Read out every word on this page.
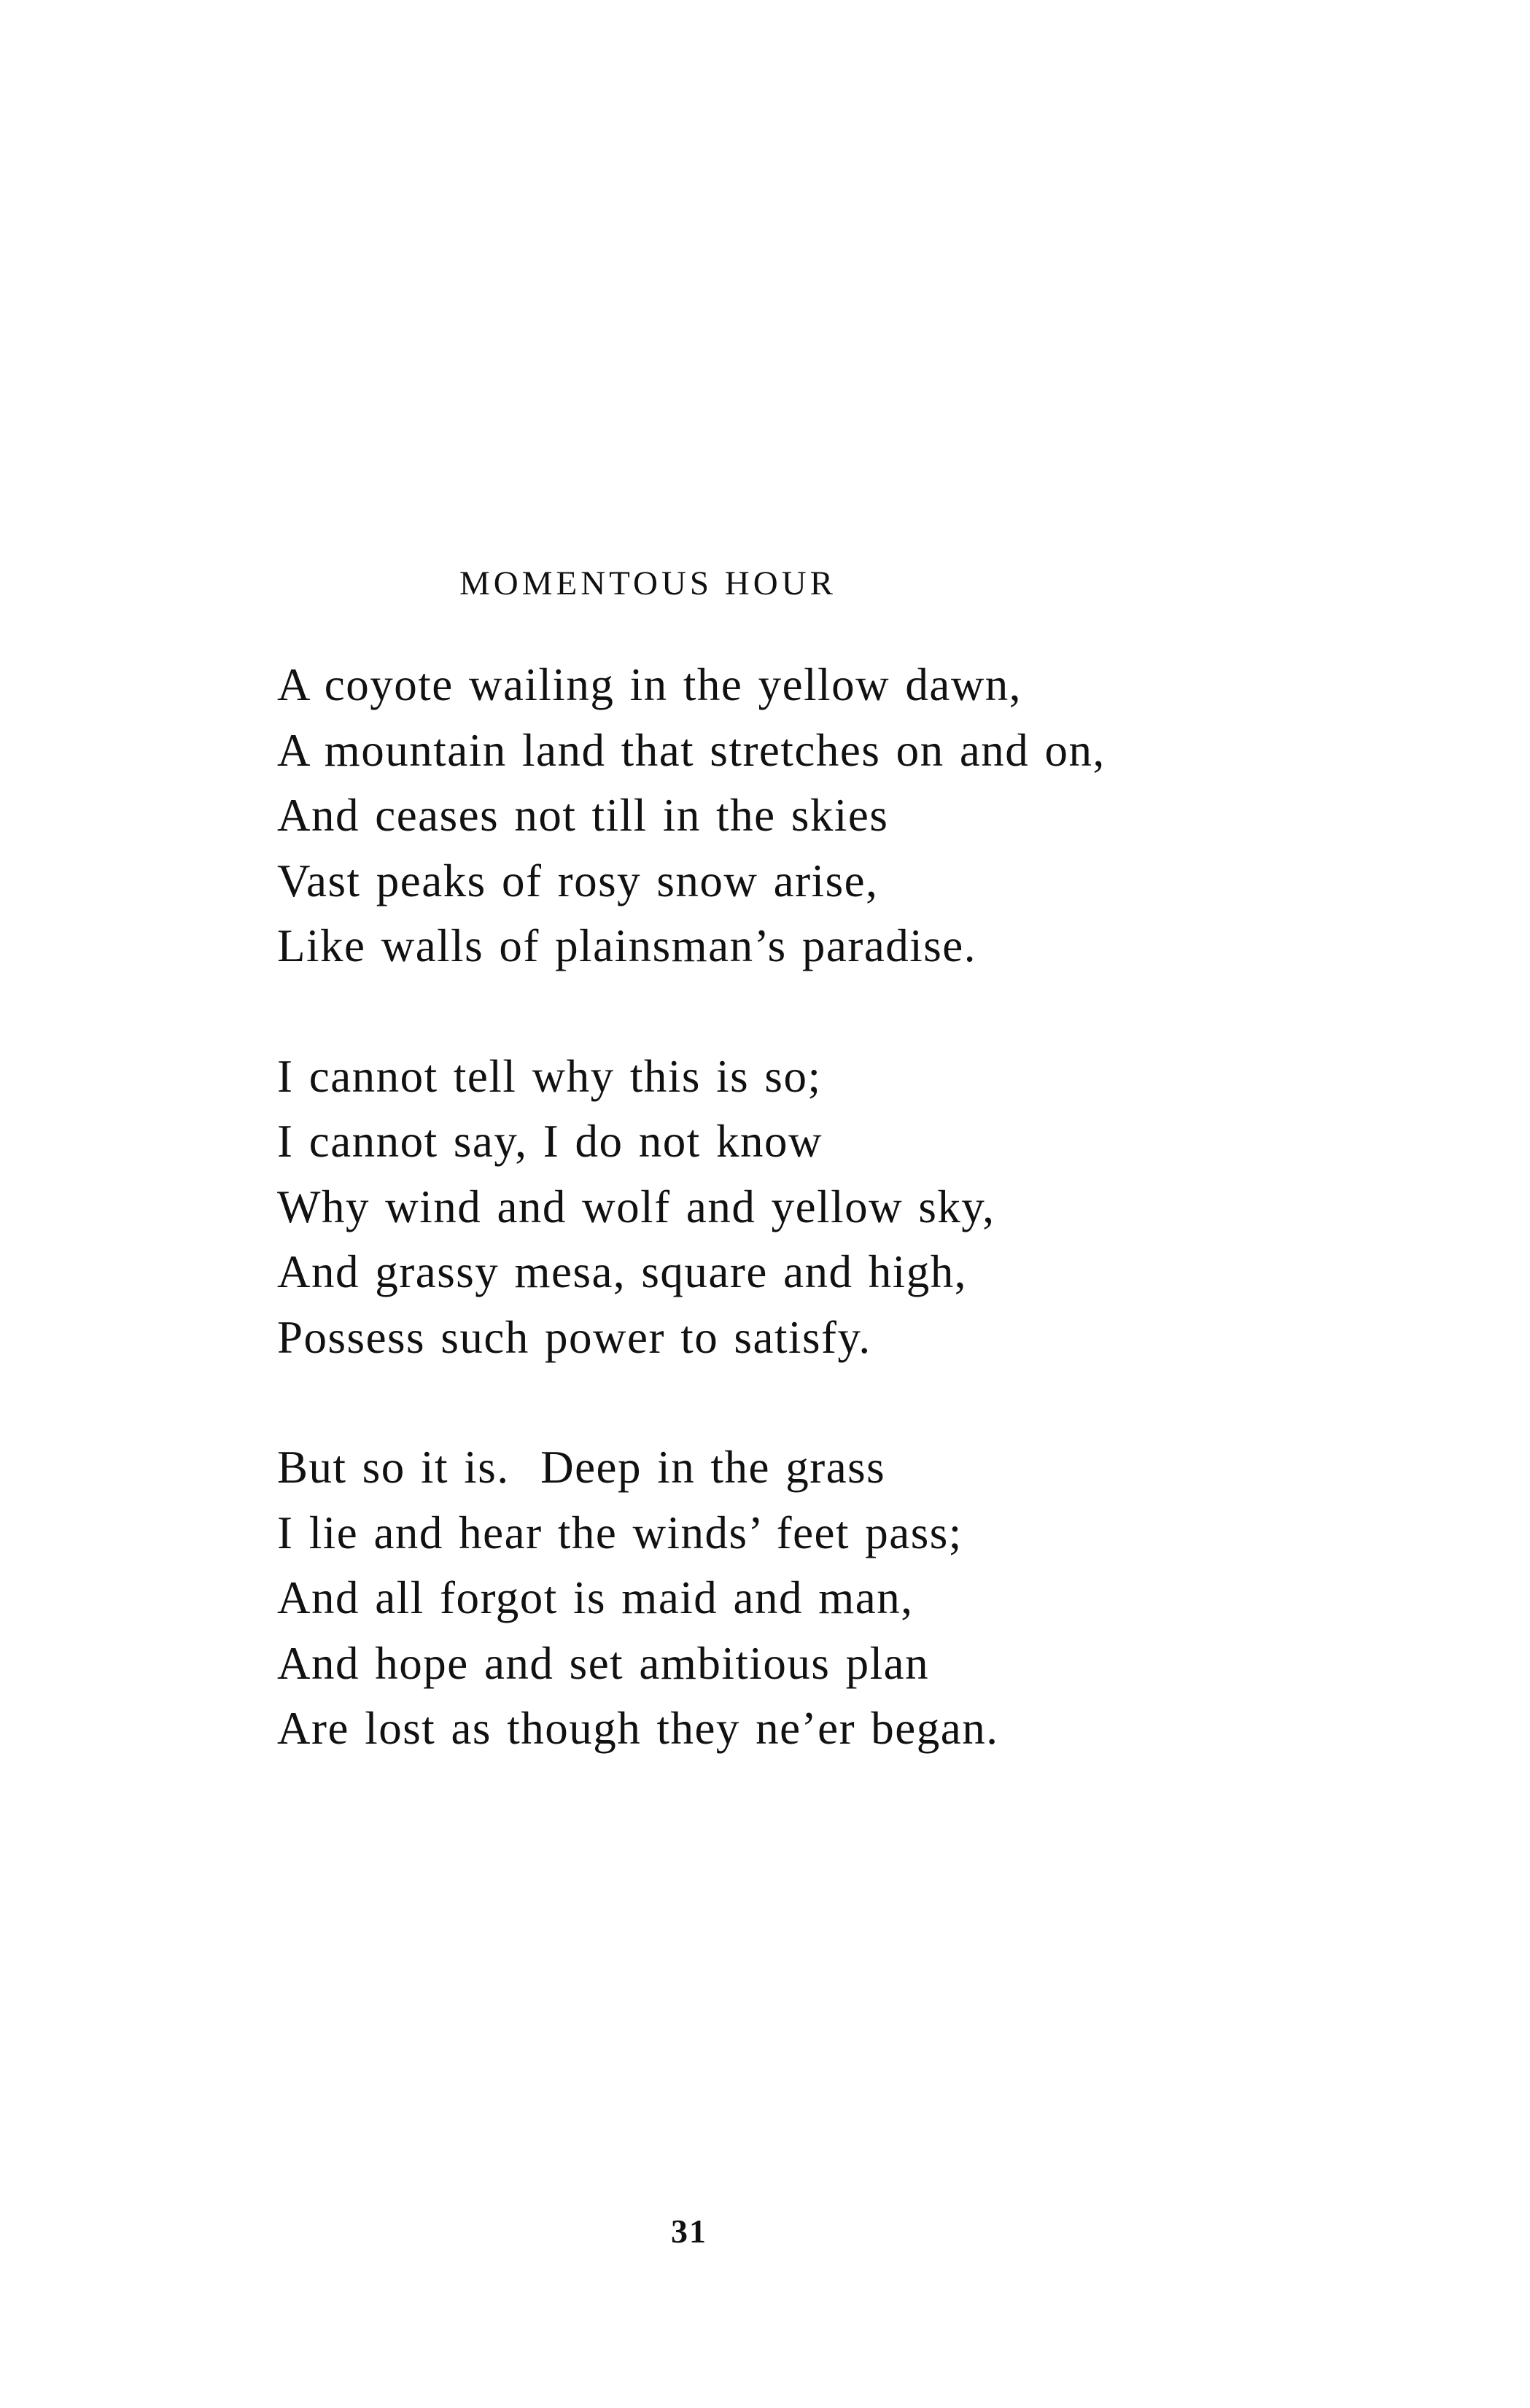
MOMENTOUS HOUR
A coyote wailing in the yellow dawn,
A mountain land that stretches on and on,
And ceases not till in the skies
Vast peaks of rosy snow arise,
Like walls of plainsman’s paradise.
I cannot tell why this is so;
I cannot say, I do not know
Why wind and wolf and yellow sky,
And grassy mesa, square and high,
Possess such power to satisfy.
But so it is.  Deep in the grass
I lie and hear the winds’ feet pass;
And all forgot is maid and man,
And hope and set ambitious plan
Are lost as though they ne’er began.
31
